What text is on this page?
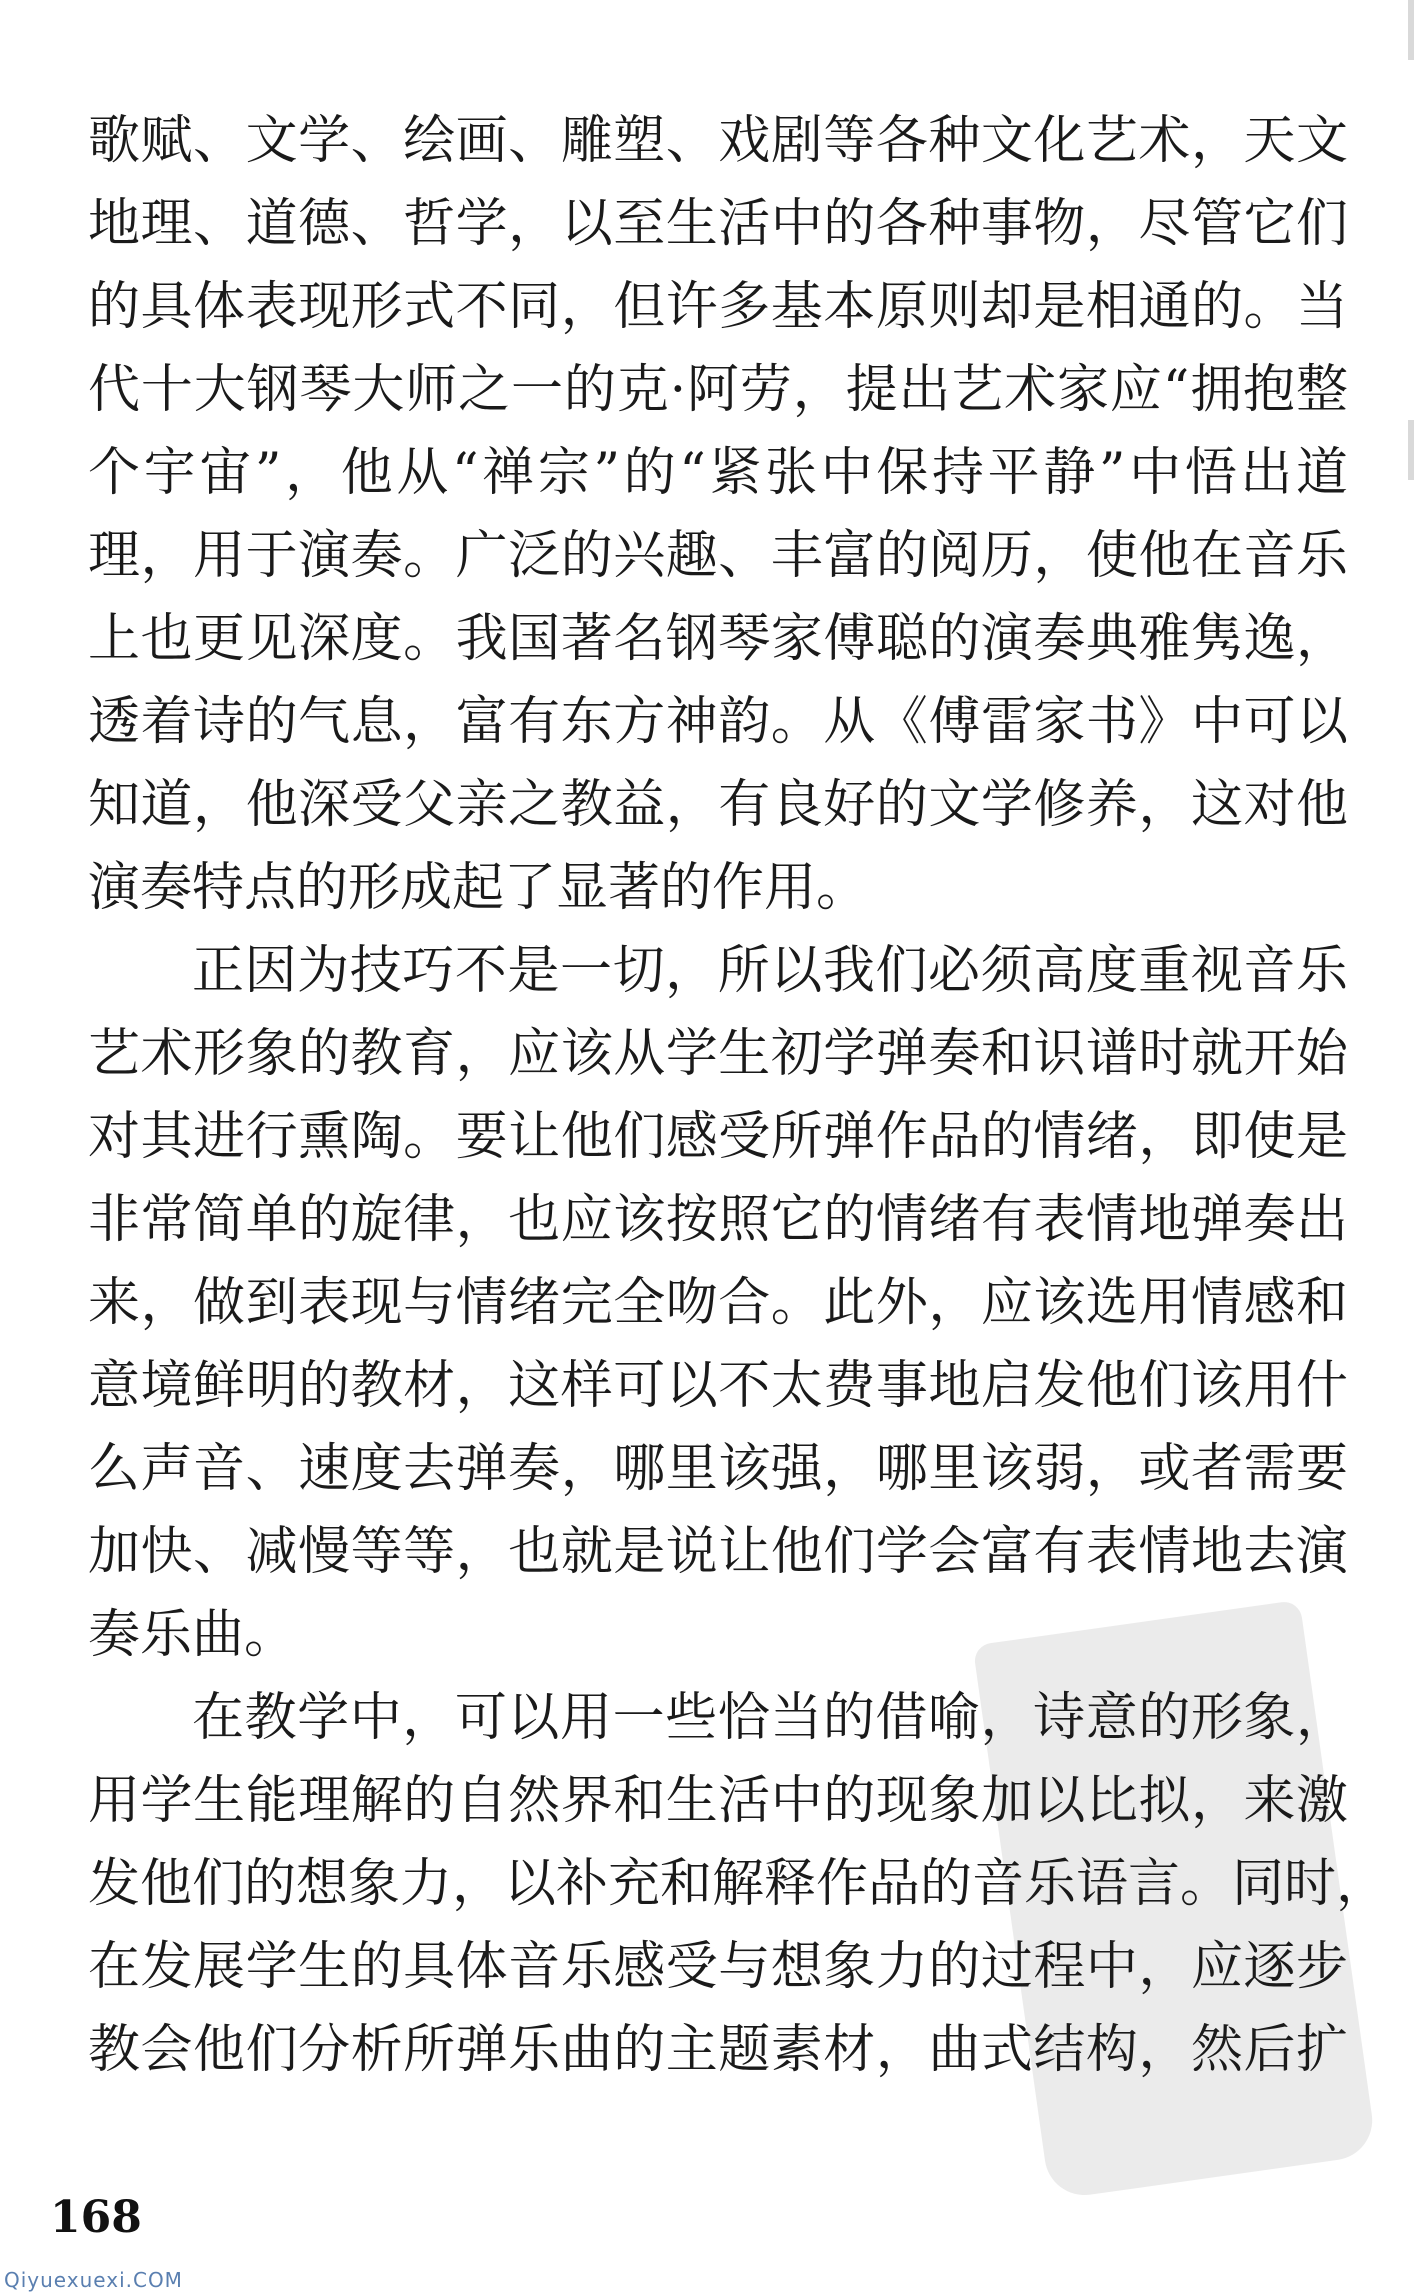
歌赋、文学、绘画、雕塑、戏剧等各种文化艺术，天文
地理、道德、哲学，以至生活中的各种事物，尽管它们
的具体表现形式不同，但许多基本原则却是相通的。当
代十大钢琴大师之一的克·阿劳，提出艺术家应“拥抱整
个宇宙”，他从“禅宗”的“紧张中保持平静”中悟出道
理，用于演奏。广泛的兴趣、丰富的阅历，使他在音乐
上也更见深度。我国著名钢琴家傅聪的演奏典雅隽逸，
透着诗的气息，富有东方神韵。从《傅雷家书》中可以
知道，他深受父亲之教益，有良好的文学修养，这对他
演奏特点的形成起了显著的作用。
正因为技巧不是一切，所以我们必须高度重视音乐
艺术形象的教育，应该从学生初学弹奏和识谱时就开始
对其进行熏陶。要让他们感受所弹作品的情绪，即使是
非常简单的旋律，也应该按照它的情绪有表情地弹奏出
来，做到表现与情绪完全吻合。此外，应该选用情感和
意境鲜明的教材，这样可以不太费事地启发他们该用什
么声音、速度去弹奏，哪里该强，哪里该弱，或者需要
加快、减慢等等，也就是说让他们学会富有表情地去演
奏乐曲。
在教学中，可以用一些恰当的借喻，诗意的形象，
用学生能理解的自然界和生活中的现象加以比拟，来激
发他们的想象力，以补充和解释作品的音乐语言。同时，
在发展学生的具体音乐感受与想象力的过程中，应逐步
教会他们分析所弹乐曲的主题素材，曲式结构，然后扩
168
Qiyuexuexi.COM
